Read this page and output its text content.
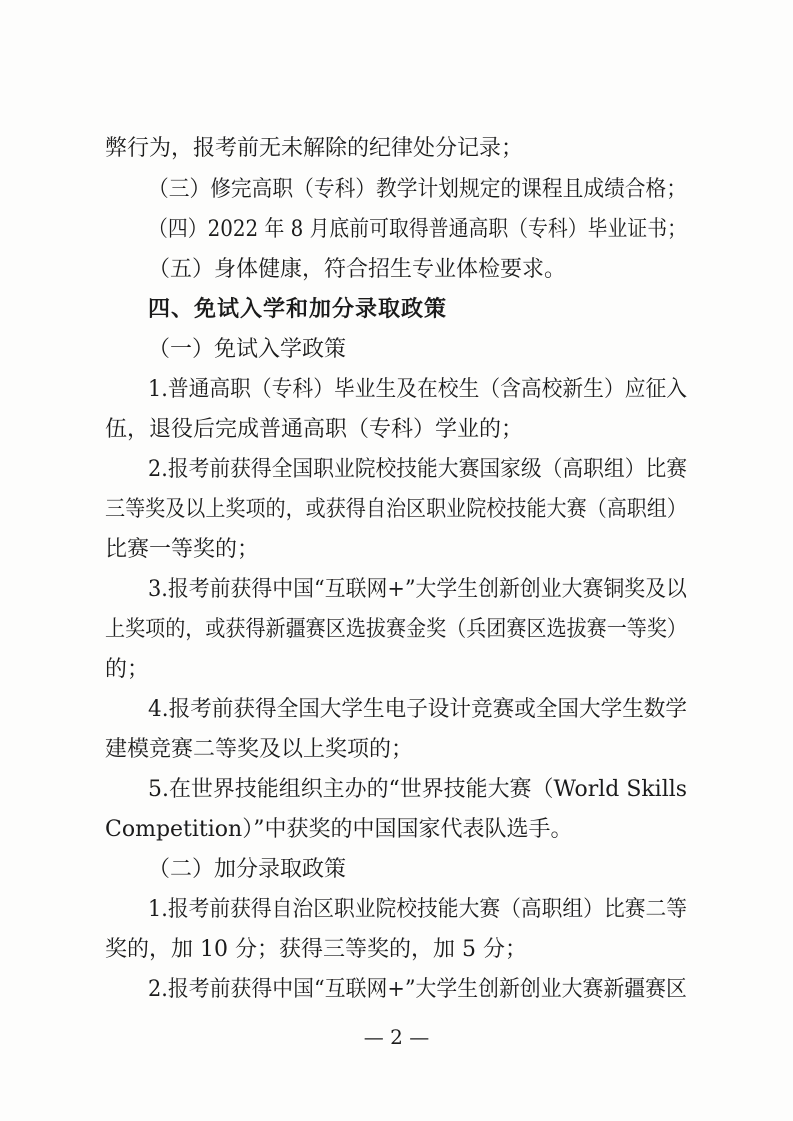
弊行为，报考前无未解除的纪律处分记录；
（三）修完高职（专科）教学计划规定的课程且成绩合格；
（四）2022 年 8 月底前可取得普通高职（专科）毕业证书；
（五）身体健康，符合招生专业体检要求。
四、免试入学和加分录取政策
（一）免试入学政策
1.普通高职（专科）毕业生及在校生（含高校新生）应征入
伍，退役后完成普通高职（专科）学业的；
2.报考前获得全国职业院校技能大赛国家级（高职组）比赛
三等奖及以上奖项的，或获得自治区职业院校技能大赛（高职组）
比赛一等奖的；
3.报考前获得中国“互联网+”大学生创新创业大赛铜奖及以
上奖项的，或获得新疆赛区选拔赛金奖（兵团赛区选拔赛一等奖）
的；
4.报考前获得全国大学生电子设计竞赛或全国大学生数学
建模竞赛二等奖及以上奖项的；
5.在世界技能组织主办的“世界技能大赛（World Skills
Competition）”中获奖的中国国家代表队选手。
（二）加分录取政策
1.报考前获得自治区职业院校技能大赛（高职组）比赛二等
奖的，加 10 分；获得三等奖的，加 5 分；
2.报考前获得中国“互联网+”大学生创新创业大赛新疆赛区
— 2 —
